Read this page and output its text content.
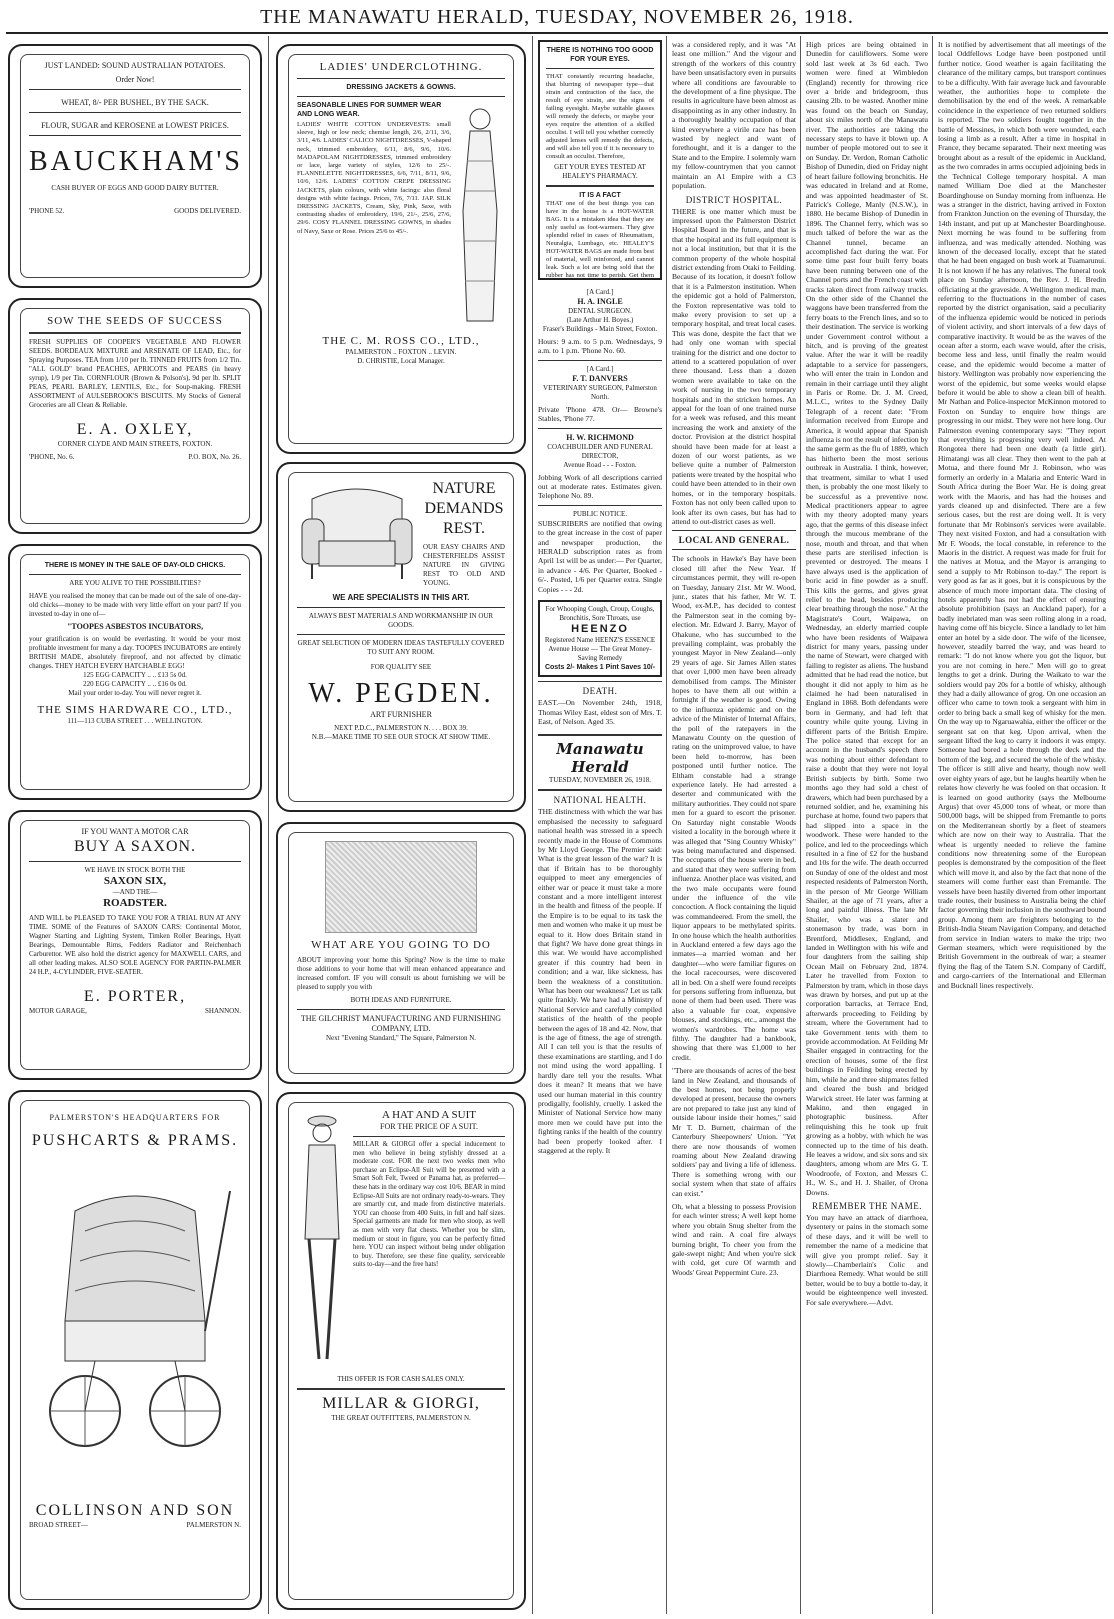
THE MANAWATU HERALD, TUESDAY, NOVEMBER 26, 1918.
JUST LANDED: SOUND AUSTRALIAN POTATOES.
Order Now!
WHEAT, 8/- PER BUSHEL, BY THE SACK.
FLOUR, SUGAR and KEROSENE at LOWEST PRICES.
BAUCKHAM'S
CASH BUYER OF EGGS AND GOOD DAIRY BUTTER.
'PHONE 52.	GOODS DELIVERED.
SOW THE SEEDS OF SUCCESS

FRESH SUPPLIES OF COOPER'S VEGETABLE AND FLOWER SEEDS. BORDEAUX MIXTURE and ARSENATE OF LEAD, Etc., for Spraying Purposes. TEA from 1/10 per lb. TINNED FRUITS from 1/2 Tin. "ALL GOLD" brand PEACHES, APRICOTS and PEARS (in heavy syrup), 1/9 per Tin. CORNFLOUR (Brown & Polson's), 9d per lb. SPLIT PEAS, PEARL BARLEY, LENTILS, Etc., for Soup-making. FRESH ASSORTMENT of AULSEBROOK'S BISCUITS. My Stocks of General Groceries are all Clean & Reliable.

E. A. OXLEY,
CORNER CLYDE AND MAIN STREETS, FOXTON.
'PHONE, No. 6.	P.O. BOX, No. 26.
THERE IS MONEY IN THE SALE OF DAY-OLD CHICKS.
ARE YOU ALIVE TO THE POSSIBILITIES?

HAVE you realised the money that can be made out of the sale of one-day-old chicks—money to be made with very little effort on your part? If you invested to-day in one of—

"TOOPES ASBESTOS INCUBATORS,

your gratification is on would be everlasting. It would be your most profitable investment for many a day. TOOPES INCUBATORS are entirely BRITISH MADE, absolutely fireproof, and not affected by climatic changes. THEY HATCH EVERY HATCHABLE EGG!

125 EGG CAPACITY .. .. £13 5s 0d.
220 EGG CAPACITY .. .. £16 0s 0d.
Mail your order to-day. You will never regret it.
THE SIMS HARDWARE CO., LTD.,
111—113 CUBA STREET . . . WELLINGTON.
IF YOU WANT A MOTOR CAR
BUY A SAXON.
WE HAVE IN STOCK BOTH THE
SAXON SIX,
—AND THE—
ROADSTER.

AND WILL be PLEASED TO TAKE YOU FOR A TRIAL RUN AT ANY TIME. SOME of the Features of SAXON CARS: Continental Motor, Wagner Starting and Lighting System, Timken Roller Bearings, Hyatt Bearings, Demountable Rims, Fedders Radiator and Reichenbach Carburettor. WE also hold the district agency for MAXWELL CARS, and all other leading makes. ALSO SOLE AGENCY FOR PARTIN-PALMER 24 H.P., 4-CYLINDER, FIVE-SEATER.

E. PORTER,
MOTOR GARAGE,	SHANNON.
PALMERSTON'S HEADQUARTERS FOR
PUSHCARTS & PRAMS.
COLLINSON AND SON
BROAD STREET—	PALMERSTON N.
LADIES' UNDERCLOTHING.
DRESSING JACKETS & GOWNS.
SEASONABLE LINES FOR SUMMER WEAR AND LONG WEAR.

LADIES' WHITE COTTON UNDERVESTS: small sleeve, high or low neck; chemise length, 2/6, 2/11, 3/6, 3/11, 4/6. LADIES' CALICO NIGHTDRESSES, V-shaped neck, trimmed embroidery, 6/11, 8/6, 9/6, 10/6. MADAPOLAM NIGHTDRESSES, trimmed embroidery or lace, large variety of styles, 12/6 to 25/-. FLANNELETTE NIGHTDRESSES, 6/6, 7/11, 8/11, 9/6, 10/6, 12/6. LADIES' COTTON CREPE DRESSING JACKETS, plain colours, with white facings: also floral designs with white facings. Prices, 7/6, 7/11. JAP. SILK DRESSING JACKETS, Cream, Sky, Pink, Saxe, with contrasting shades of embroidery, 19/6, 21/-, 25/6, 27/6, 29/6. COSY FLANNEL DRESSING GOWNS, in shades of Navy, Saxe or Rose. Prices 25/6 to 45/-.

THE C. M. ROSS CO., LTD.,
PALMERSTON .. FOXTON .. LEVIN.
D. CHRISTIE, Local Manager.
NATURE
DEMANDS
REST.

OUR EASY CHAIRS AND CHESTERFIELDS ASSIST NATURE IN GIVING REST TO OLD AND YOUNG.

WE ARE SPECIALISTS IN THIS ART.
ALWAYS BEST MATERIALS AND WORKMANSHIP IN OUR GOODS.
GREAT SELECTION OF MODERN IDEAS TASTEFULLY COVERED TO SUIT ANY ROOM.
FOR QUALITY SEE
W. PEGDEN.
ART FURNISHER
NEXT P.D.C., PALMERSTON N. . . . BOX 39.
N.B.—MAKE TIME TO SEE OUR STOCK AT SHOW TIME.
WHAT ARE YOU GOING TO DO

ABOUT improving your home this Spring? Now is the time to make those additions to your home that will mean enhanced appearance and increased comfort. IF you will consult us about furnishing we will be pleased to supply you with

BOTH IDEAS AND FURNITURE.
THE GILCHRIST MANUFACTURING AND FURNISHING COMPANY, LTD.
Next "Evening Standard," The Square, Palmerston N.
A HAT AND A SUIT
FOR THE PRICE OF A SUIT.

MILLAR & GIORGI offer a special inducement to men who believe in being stylishly dressed at a moderate cost. FOR the next two weeks men who purchase an Eclipse-All Suit will be presented with a Smart Soft Felt, Tweed or Panama hat, as preferred—these hats in the ordinary way cost 10/6. BEAR in mind Eclipse-All Suits are not ordinary ready-to-wears. They are smartly cut, and made from distinctive materials. YOU can choose from 400 Suits, in full and half sizes. Special garments are made for men who stoop, as well as men with very flat chests. Whether you be slim, medium or stout in figure, you can be perfectly fitted here. YOU can inspect without being under obligation to buy. Therefore, see these fine quality, serviceable suits to-day—and the free hats!

THIS OFFER IS FOR CASH SALES ONLY.
MILLAR & GIORGI,
THE GREAT OUTFITTERS, PALMERSTON N.
THERE IS NOTHING TOO GOOD FOR YOUR EYES.

THAT constantly recurring headache, that blurring of newspaper type—that strain and contraction of the face, the result of eye strain, are the signs of failing eyesight. Maybe suitable glasses will remedy the defects, or maybe your eyes require the attention of a skilled occulist. I will tell you whether correctly adjusted lenses will remedy the defects, and will also tell you if it is necessary to consult an occulist. Therefore,

GET YOUR EYES TESTED AT HEALEY'S PHARMACY.
IT IS A FACT

THAT one of the best things you can have in the house is a HOT-WATER BAG. It is a mistaken idea that they are only useful as foot-warmers. They give splendid relief in cases of Rheumatism, Neuralgia, Lumbago, etc. HEALEY'S HOT-WATER BAGS are made from best of material, well reinforced, and cannot leak. Such a lot are being sold that the rubber has not time to perish. Get them

[A Card.]
H. A. INGLE
DENTAL SURGEON.
(Late Arthur H. Boyes.)
Fraser's Buildings - Main Street, Foxton.

Hours: 9 a.m. to 5 p.m. Wednesdays, 9 a.m. to 1 p.m. 'Phone No. 60.

[A Card.]
F. T. DANVERS
VETERINARY SURGEON, Palmerston North.

Private 'Phone 478. Or— Browne's Stables, 'Phone 77.

H. W. RICHMOND
COACHBUILDER AND FUNERAL DIRECTOR,
Avenue Road - - - Foxton.

Jobbing Work of all descriptions carried out at moderate rates. Estimates given. Telephone No. 89.

PUBLIC NOTICE.

SUBSCRIBERS are notified that owing to the great increase in the cost of paper and newspaper production, the HERALD subscription rates as from April 1st will be as under:— Per Quarter, in advance - 4/6. Per Quarter, Booked - 6/-. Posted, 1/6 per Quarter extra. Single Copies - - - 2d.

For Whooping Cough, Croup, Coughs, Bronchitis, Sore Throats, use
HEENZO
Registered Name HEENZ'S ESSENCE
Avenue House — The Great Money-Saving Remedy
Costs 2/- Makes 1 Pint Saves 10/-
DEATH.

EAST.—On November 24th, 1918, Thomas Wiley East, eldest son of Mrs. T. East, of Nelson. Aged 35.

Manawatu Herald
TUESDAY, NOVEMBER 26, 1918.
NATIONAL HEALTH.

THE distinctness with which the war has emphasised the necessity to safeguard national health was stressed in a speech recently made in the House of Commons by Mr Lloyd George. The Premier said: What is the great lesson of the war? It is that if Britain has to be thoroughly equipped to meet any emergencies of either war or peace it must take a more constant and a more intelligent interest in the health and fitness of the people. If the Empire is to be equal to its task the men and women who make it up must be equal to it. How does Britain stand in that fight? We have done great things in this war. We would have accomplished greater if this country had been in condition; and a war, like sickness, has been the weakness of a constitution. What has been our weakness? Let us talk quite frankly. We have had a Ministry of National Service and carefully compiled statistics of the health of the people between the ages of 18 and 42. Now, that is the age of fitness, the age of strength. All I can tell you is that the results of these examinations are startling, and I do not mind using the word appalling. I hardly dare tell you the results. What does it mean? It means that we have used our human material in this country prodigally, foolishly, cruelly. I asked the Minister of National Service how many more men we could have put into the fighting ranks if the health of the country had been properly looked after. I staggered at the reply. It

was a considered reply, and it was "At least one million." And the vigour and strength of the workers of this country have been unsatisfactory even in pursuits where all conditions are favourable to the development of a fine physique. The results in agriculture have been almost as disappointing as in any other industry. In a thoroughly healthy occupation of that kind everywhere a virile race has been wasted by neglect and want of forethought, and it is a danger to the State and to the Empire. I solemnly warn my fellow-countrymen that you cannot maintain an A1 Empire with a C3 population.

DISTRICT HOSPITAL.

THERE is one matter which must be impressed upon the Palmerston District Hospital Board in the future, and that is that the hospital and its full equipment is not a local institution, but that it is the common property of the whole hospital district extending from Otaki to Feilding. Because of its location, it doesn't follow that it is a Palmerston institution. When the epidemic got a hold of Palmerston, the Foxton representative was told to make every provision to set up a temporary hospital, and treat local cases. This was done, despite the fact that we had only one woman with special training for the district and one doctor to attend to a scattered population of over three thousand. Less than a dozen women were available to take on the work of nursing in the two temporary hospitals and in the stricken homes. An appeal for the loan of one trained nurse for a week was refused, and this meant increasing the work and anxiety of the doctor. Provision at the district hospital should have been made for at least a dozen of our worst patients, as we believe quite a number of Palmerston patients were treated by the hospital who could have been attended to in their own homes, or in the temporary hospitals. Foxton has not only been called upon to look after its own cases, but has had to attend to out-district cases as well.

LOCAL AND GENERAL.

The schools in Hawke's Bay have been closed till after the New Year. If circumstances permit, they will re-open on Tuesday, January 21st. Mr W. Wood, junr., states that his father, Mr W. T. Wood, ex-M.P., has decided to contest the Palmerston seat in the coming by-election. Mr. Edward J. Barry, Mayor of Ohakune, who has succumbed to the prevailing complaint, was probably the youngest Mayor in New Zealand—only 29 years of age. Sir James Allen states that over 1,000 men have been already demobilised from camps. The Minister hopes to have them all out within a fortnight if the weather is good. Owing to the influenza epidemic and on the advice of the Minister of Internal Affairs, the poll of the ratepayers in the Manawatu County on the question of rating on the unimproved value, to have been held to-morrow, has been postponed until further notice. The Eltham constable had a strange experience lately. He had arrested a deserter and communicated with the military authorities. They could not spare men for a guard to escort the prisoner. On Saturday night constable Woods visited a locality in the borough where it was alleged that "Sing Country Whisky" was being manufactured and dispensed. The occupants of the house were in bed, and stated that they were suffering from influenza. Another place was visited, and the two male occupants were found under the influence of the vile concoction. A flock containing the liquid was commandeered. From the smell, the liquor appears to be methylated spirits. In one house which the health authorities in Auckland entered a few days ago the inmates—a married woman and her daughter—who were familiar figures on the local racecourses, were discovered all in bed. On a shelf were found receipts for persons suffering from influenza, but none of them had been used. There was also a valuable fur coat, expensive blouses, and stockings, etc., amongst the women's wardrobes. The home was filthy. The daughter had a bankbook, showing that there was £1,000 to her credit.

"There are thousands of acres of the best land in New Zealand, and thousands of the best homes, not being properly developed at present, because the owners are not prepared to take just any kind of outside labour inside their homes," said Mr T. D. Burnett, chairman of the Canterbury Sheepowners' Union. "Yet there are now thousands of women roaming about New Zealand drawing soldiers' pay and living a life of idleness. There is something wrong with our social system when that state of affairs can exist."

Oh, what a blessing to possess Provision for each winter stress; A well kept home where you obtain Snug shelter from the wind and rain. A coal fire always burning bright, To cheer you from the gale-swept night; And when you're sick with cold, get cure Of warmth and Woods' Great Peppermint Cure. 23.

High prices are being obtained in Dunedin for cauliflowers. Some were sold last week at 3s 6d each. Two women were fined at Wimbledon (England) recently for throwing rice over a bride and bridegroom, thus causing 2lb. to be wasted. Another mine was found on the beach on Sunday, about six miles north of the Manawatu river. The authorities are taking the necessary steps to have it blown up. A number of people motored out to see it on Sunday. Dr. Verdon, Roman Catholic Bishop of Dunedin, died on Friday night of heart failure following bronchitis. He was educated in Ireland and at Rome, and was appointed headmaster of St. Patrick's College, Manly (N.S.W.), in 1880. He became Bishop of Dunedin in 1896. The Channel ferry, which was so much talked of before the war as the Channel tunnel, became an accomplished fact during the war. For some time past four built ferry boats have been running between one of the Channel ports and the French coast with tracks taken direct from railway trucks. On the other side of the Channel the waggons have been transferred from the ferry boats to the French lines, and so to their destination. The service is working under Government control without a hitch, and is proving of the greatest value. After the war it will be readily adaptable to a service for passengers, who will enter the train in London and remain in their carriage until they alight in Paris or Rome. Dr. J. M. Creed, M.L.C., writes to the Sydney Daily Telegraph of a recent date: "From information received from Europe and America, it would appear that Spanish influenza is not the result of infection by the same germ as the flu of 1889, which has hitherto been the most serious outbreak in Australia. I think, however, that treatment, similar to what I used then, is probably the one most likely to be successful as a preventive now. Medical practitioners appear to agree with my theory adopted many years ago, that the germs of this disease infect through the mucous membrane of the nose, mouth and throat, and that when these parts are sterilised infection is prevented or destroyed. The means I have always used is the application of boric acid in fine powder as a snuff. This kills the germs, and gives great relief to the head, besides producing clear breathing through the nose." At the Magistrate's Court, Waipawa, on Wednesday, an elderly married couple who have been residents of Waipawa district for many years, passing under the name of Stewart, were charged with failing to register as aliens. The husband admitted that he had read the notice, but thought it did not apply to him as he claimed he had been naturalised in England in 1868. Both defendants were born in Germany, and had left that country while quite young. Living in different parts of the British Empire. The police stated that except for an account in the husband's speech there was nothing about either defendant to raise a doubt that they were not loyal British subjects by birth. Some two months ago they had sold a chest of drawers, which had been purchased by a returned soldier, and he, examining his purchase at home, found two papers that had slipped into a space in the woodwork. These were handed to the police, and led to the proceedings which resulted in a fine of £2 for the husband and 10s for the wife. The death occurred on Sunday of one of the oldest and most respected residents of Palmerston North, in the person of Mr George William Shailer, at the age of 71 years, after a long and painful illness. The late Mr Shailer, who was a slater and stonemason by trade, was born in Brentford, Middlesex, England, and landed in Wellington with his wife and four daughters from the sailing ship Ocean Mail on February 2nd, 1874. Later he travelled from Foxton to Palmerston by tram, which in those days was drawn by horses, and put up at the corporation barracks, at Terrace End, afterwards proceeding to Feilding by stream, where the Government had to take Government tents with them to provide accommodation. At Feilding Mr Shailer engaged in contracting for the erection of houses, some of the first buildings in Feilding being erected by him, while he and three shipmates felled and cleared the bush and bridged Warwick street. He later was farming at Makino, and then engaged in photographic business. After relinquishing this he took up fruit growing as a hobby, with which he was connected up to the time of his death. He leaves a widow, and six sons and six daughters, among whom are Mrs G. T. Woodroofe, of Foxton, and Messrs C. H., W. S., and H. J. Shailer, of Orona Downs.

REMEMBER THE NAME.

You may have an attack of diarrhoea, dysentery or pains in the stomach some of these days, and it will be well to remember the name of a medicine that will give you prompt relief. Say it slowly—Chamberlain's Colic and Diarrhoea Remedy. What would be still better, would be to buy a bottle to-day, it would be eighteenpence well invested. For sale everywhere.—Advt.

It is notified by advertisement that all meetings of the local Oddfellows Lodge have been postponed until further notice. Good weather is again facilitating the clearance of the military camps, but transport continues to be a difficulty. With fair average luck and favourable weather, the authorities hope to complete the demobilisation by the end of the week. A remarkable coincidence in the experience of two returned soldiers is reported. The two soldiers fought together in the battle of Messines, in which both were wounded, each losing a limb as a result. After a time in hospital in France, they became separated. Their next meeting was brought about as a result of the epidemic in Auckland, as the two comrades in arms occupied adjoining beds in the Technical College temporary hospital. A man named William Doe died at the Manchester Boardinghouse on Sunday morning from influenza. He was a stranger in the district, having arrived in Foxton from Frankton Junction on the evening of Thursday, the 14th instant, and put up at Manchester Boardinghouse. Next morning he was found to be suffering from influenza, and was medically attended. Nothing was known of the deceased locally, except that he stated that he had been engaged on bush work at Tuamarunui. It is not known if he has any relatives. The funeral took place on Sunday afternoon, the Rev. J. H. Bredin officiating at the graveside. A Wellington medical man, referring to the fluctuations in the number of cases reported by the district organisation, said a peculiarity of the influenza epidemic would be noticed in periods of violent activity, and short intervals of a few days of comparative inactivity. It would be as the waves of the ocean after a storm, each wave would, after the crisis, become less and less, until finally the realm would cease, and the epidemic would become a matter of history. Wellington was probably now experiencing the worst of the epidemic, but some weeks would elapse before it would be able to show a clean bill of health. Mr Nathan and Police-inspector McKinnon motored to Foxton on Sunday to enquire how things are progressing in our midst. They were not here long. Our Palmerston evening contemporary says: "They report that everything is progressing very well indeed. At Rongotea there had been one death (a little girl). Himatangi was all clear. They then went to the pah at Motua, and there found Mr J. Robinson, who was formerly an orderly in a Malaria and Enteric Ward in South Africa during the Boer War. He is doing great work with the Maoris, and has had the houses and yards cleaned up and disinfected. There are a few serious cases, but the rest are doing well. It is very fortunate that Mr Robinson's services were available. They next visited Foxton, and had a consultation with Mr F. Woods, the local constable, in reference to the Maoris in the district. A request was made for fruit for the natives at Motua, and the Mayor is arranging to send a supply to Mr Robinson to-day." The report is very good as far as it goes, but it is conspicuous by the absence of much more important data. The closing of hotels apparently has not had the effect of ensuring absolute prohibition (says an Auckland paper), for a badly inebriated man was seen rolling along in a road, having come off his bicycle. Since a landlady to let him enter an hotel by a side door. The wife of the licensee, however, steadily barred the way, and was heard to remark: "I do not know where you got the liquor, but you are not coming in here." Men will go to great lengths to get a drink. During the Waikato to war the soldiers would pay 20s for a bottle of whisky, although they had a daily allowance of grog. On one occasion an officer who came to town took a sergeant with him in order to bring back a small keg of whisky for the men. On the way up to Ngaruawahia, either the officer or the sergeant sat on that keg. Upon arrival, when the sergeant lifted the keg to carry it indoors it was empty. Someone had bored a hole through the deck and the bottom of the keg, and secured the whole of the whisky. The officer is still alive and hearty, though now well over eighty years of age, but he laughs heartily when he relates how cleverly he was fooled on that occasion. It is learned on good authority (says the Melbourne Argus) that over 45,000 tons of wheat, or more than 500,000 bags, will be shipped from Fremantle to ports on the Mediterranean shortly by a fleet of steamers which are now on their way to Australia. That the wheat is urgently needed to relieve the famine conditions now threatening some of the European peoples is demonstrated by the composition of the fleet which will move it, and also by the fact that none of the steamers will come further east than Fremantle. The vessels have been hastily diverted from other important trade routes, their business to Australia being the chief factor governing their inclusion in the southward bound group. Among them are freighters belonging to the British-India Steam Navigation Company, and detached from service in Indian waters to make the trip; two German steamers, which were requisitioned by the British Government in the outbreak of war; a steamer flying the flag of the Tatem S.N. Company of Cardiff, and cargo-carriers of the International and Ellerman and Bucknall lines respectively.
